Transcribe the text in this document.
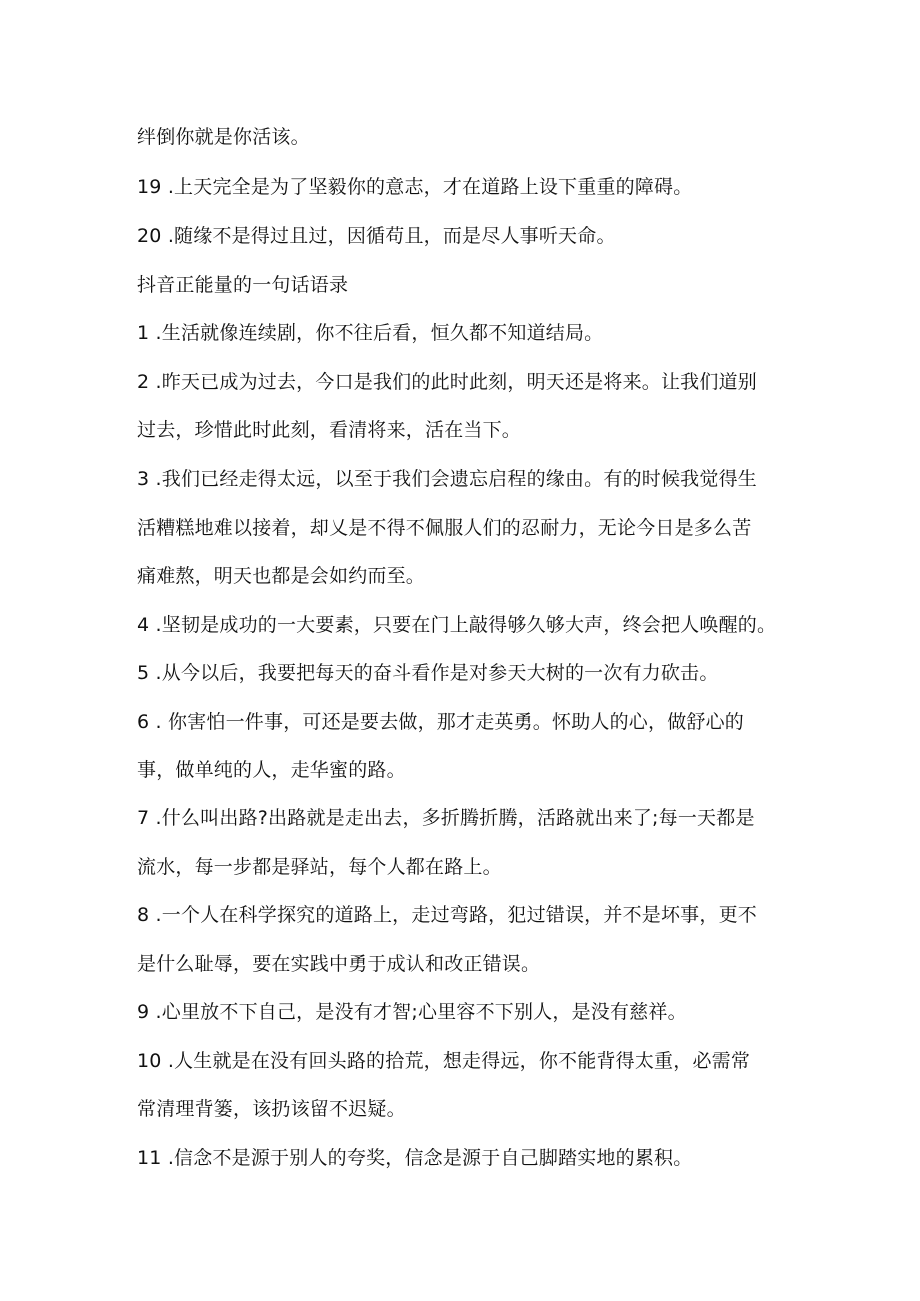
绊倒你就是你活该。
19 .上天完全是为了坚毅你的意志，才在道路上设下重重的障碍。
20 .随缘不是得过且过，因循苟且，而是尽人事听天命。
抖音正能量的一句话语录
1 .生活就像连续剧，你不往后看，恒久都不知道结局。
2 .昨天已成为过去，今口是我们的此时此刻，明天还是将来。让我们道别
过去，珍惜此时此刻，看清将来，活在当下。
3 .我们已经走得太远，以至于我们会遗忘启程的缘由。有的时候我觉得生
活糟糕地难以接着，却乂是不得不佩服人们的忍耐力，无论今日是多么苦
痛难熬，明天也都是会如约而至。
4 .坚韧是成功的一大要素，只要在门上敲得够久够大声，终会把人唤醒的。
5 .从今以后，我要把每天的奋斗看作是对参天大树的一次有力砍击。
6 . 你害怕一件事，可还是要去做，那才走英勇。怀助人的心，做舒心的
事，做单纯的人，走华蜜的路。
7 .什么叫出路?出路就是走出去，多折腾折腾，活路就出来了;每一天都是
流水，每一步都是驿站，每个人都在路上。
8 .一个人在科学探究的道路上，走过弯路，犯过错误，并不是坏事，更不
是什么耻辱，要在实践中勇于成认和改正错误。
9 .心里放不下自己，是没有才智;心里容不下别人，是没有慈祥。
10 .人生就是在没有回头路的拾荒，想走得远，你不能背得太重，必需常
常清理背篓，该扔该留不迟疑。
11 .信念不是源于别人的夸奖，信念是源于自己脚踏实地的累积。
